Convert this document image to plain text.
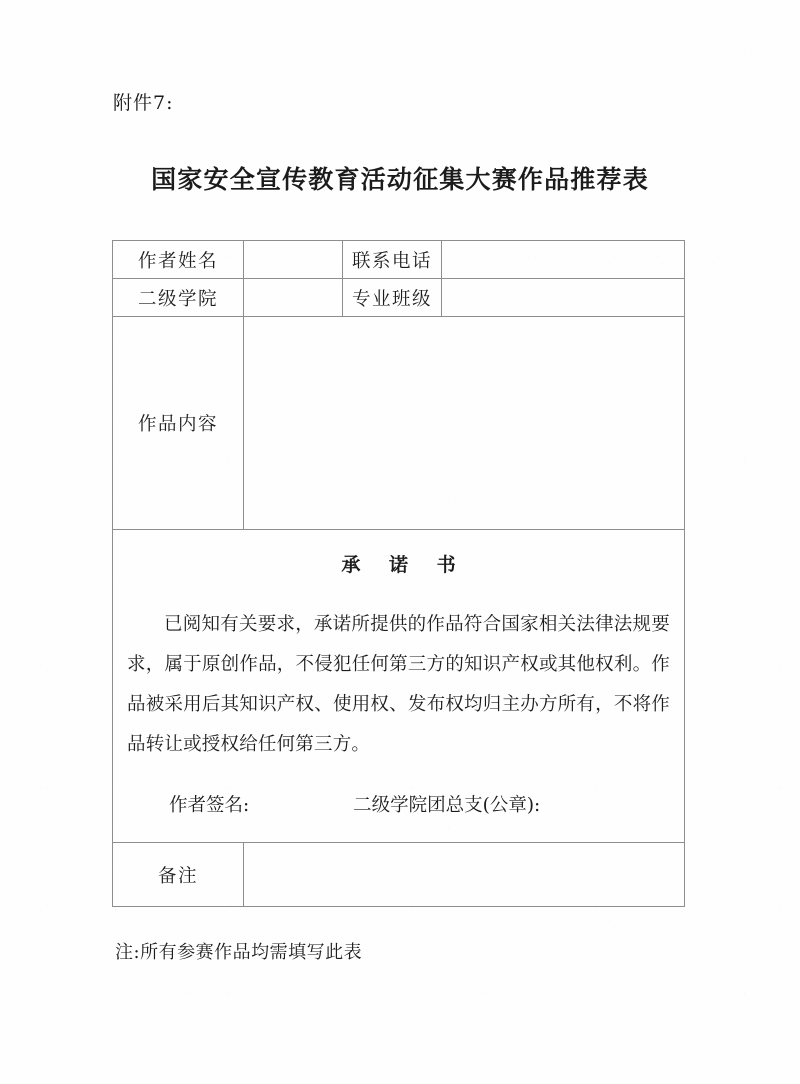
附件7:
国家安全宣传教育活动征集大赛作品推荐表
作者姓名		联系电话	
二级学院		专业班级	
作品内容			

承 诺 书
已阅知有关要求，承诺所提供的作品符合国家相关法律法规要求，属于原创作品，不侵犯任何第三方的知识产权或其他权利。作品被采用后其知识产权、使用权、发布权均归主办方所有，不将作品转让或授权给任何第三方。
作者签名: 二级学院团总支(公章):			

备注			
注:所有参赛作品均需填写此表
